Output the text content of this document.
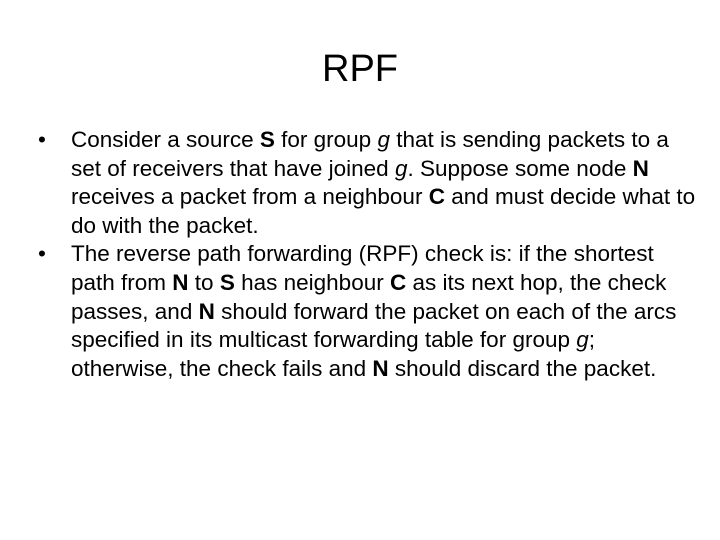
RPF
• Consider a source S for group g that is sending packets to a set of receivers that have joined g. Suppose some node N receives a packet from a neighbour C and must decide what to do with the packet.
• The reverse path forwarding (RPF) check is: if the shortest path from N to S has neighbour C as its next hop, the check passes, and N should forward the packet on each of the arcs specified in its multicast forwarding table for group g; otherwise, the check fails and N should discard the packet.
